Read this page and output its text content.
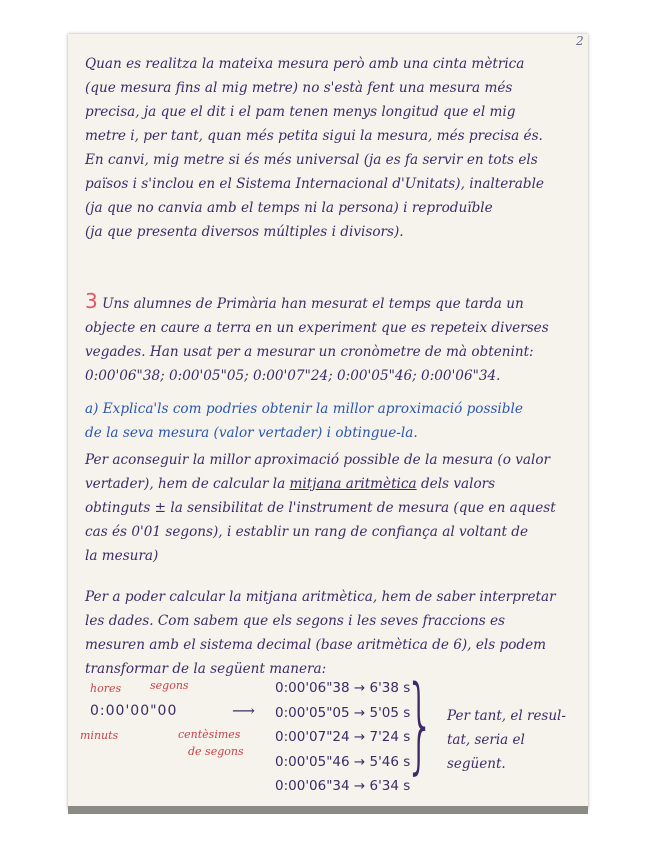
2
Quan es realitza la mateixa mesura però amb una cinta mètrica
(que mesura fins al mig metre) no s'està fent una mesura més
precisa, ja que el dit i el pam tenen menys longitud que el mig
metre i, per tant, quan més petita sigui la mesura, més precisa és.
En canvi, mig metre si és més universal (ja es fa servir en tots els
països i s'inclou en el Sistema Internacional d'Unitats), inalterable
(ja que no canvia amb el temps ni la persona) i reproduïble
(ja que presenta diversos múltiples i divisors).
3 Uns alumnes de Primària han mesurat el temps que tarda un
objecte en caure a terra en un experiment que es repeteix diverses
vegades. Han usat per a mesurar un cronòmetre de mà obtenint:
0:00'06"38; 0:00'05"05; 0:00'07"24; 0:00'05"46; 0:00'06"34.
a) Explica'ls com podries obtenir la millor aproximació possible
de la seva mesura (valor vertader) i obtingue-la.
Per aconseguir la millor aproximació possible de la mesura (o valor
vertader), hem de calcular la mitjana aritmètica dels valors
obtinguts ± la sensibilitat de l'instrument de mesura (que en aquest
cas és 0'01 segons), i establir un rang de confiança al voltant de
la mesura)
Per a poder calcular la mitjana aritmètica, hem de saber interpretar
les dades. Com sabem que els segons i les seves fraccions es
mesuren amb el sistema decimal (base aritmètica de 6), els podem
transformar de la següent manera:
hores	segons
minuts	centèsimes
de segons
0:00'00"00	⟶
0:00'06"38 → 6'38 s
0:00'05"05 → 5'05 s
0:00'07"24 → 7'24 s
0:00'05"46 → 5'46 s
0:00'06"34 → 6'34 s
} Per tant, el resul-
tat, seria el
següent.
